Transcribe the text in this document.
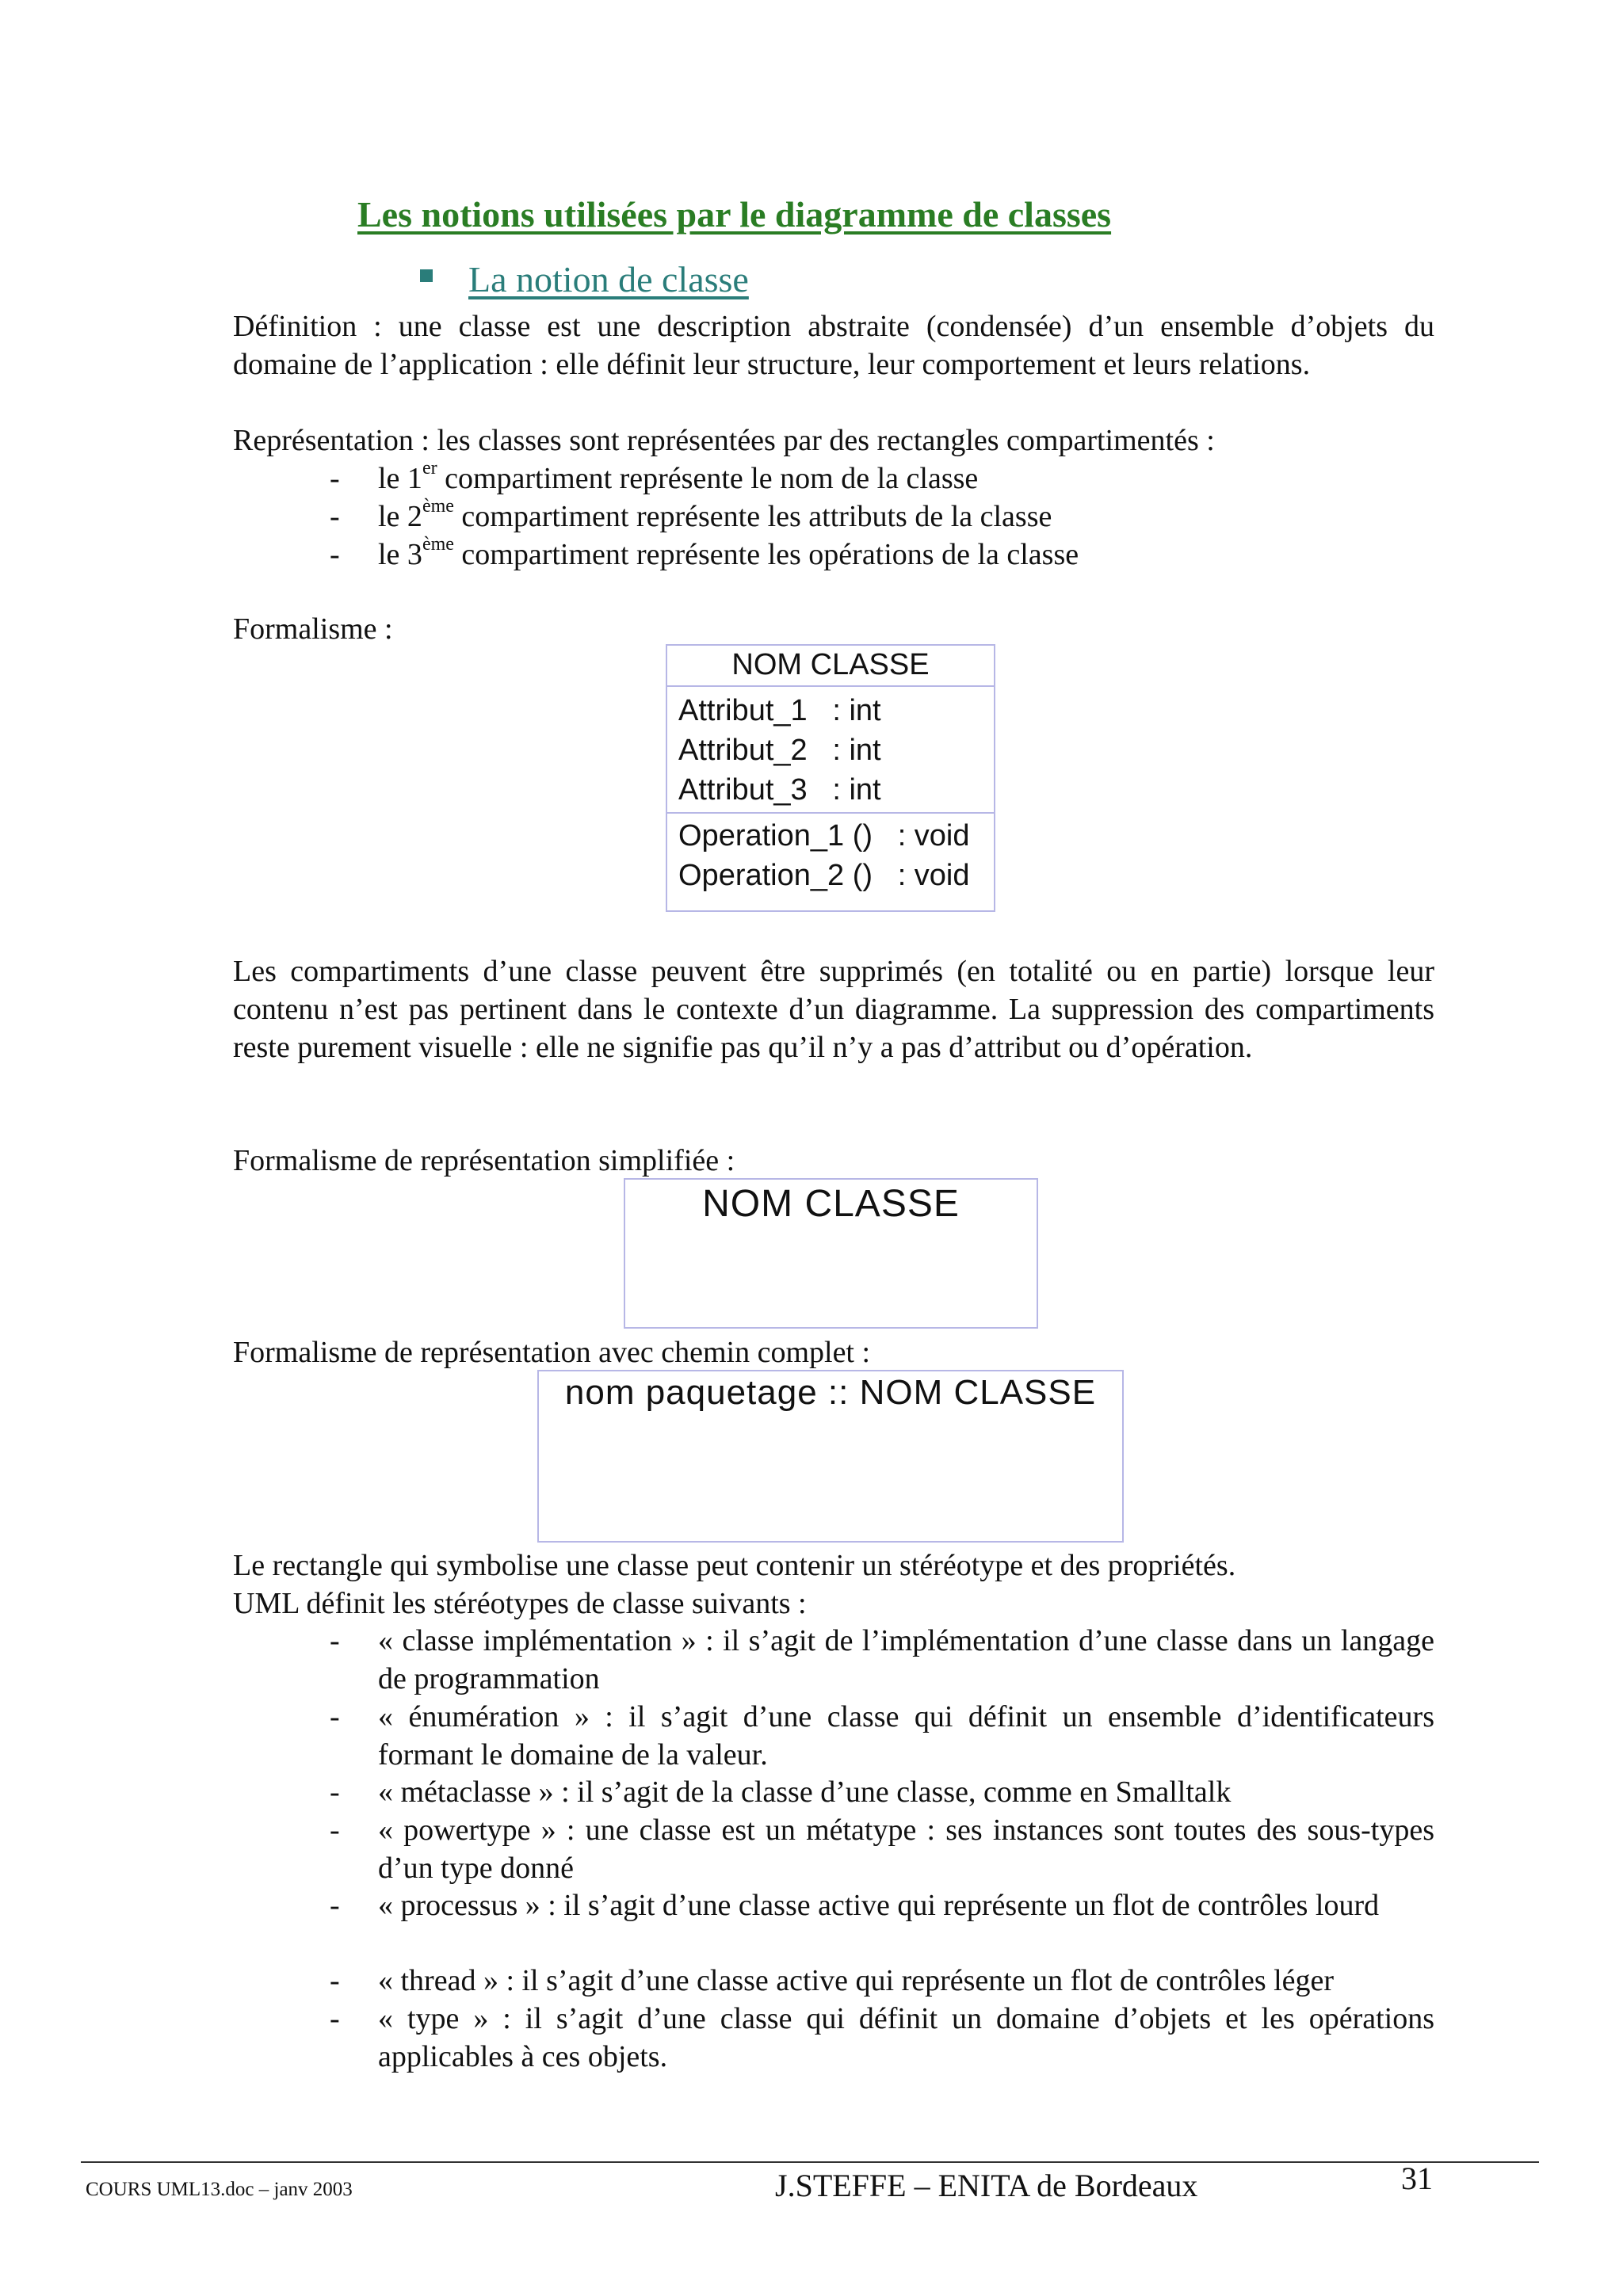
Les notions utilisées par le diagramme de classes
La notion de classe
Définition : une classe est une description abstraite (condensée) d’un ensemble d’objets du domaine de l’application : elle définit leur structure, leur comportement et leurs relations.
Représentation : les classes sont représentées par des rectangles compartimentés :
- le 1er compartiment représente le nom de la classe
- le 2ème compartiment représente les attributs de la classe
- le 3ème compartiment représente les opérations de la classe
Formalisme :
NOM CLASSE
Attribut_1   : int
Attribut_2   : int
Attribut_3   : int
Operation_1 ()   : void
Operation_2 ()   : void
Les compartiments d’une classe peuvent être supprimés (en totalité ou en partie) lorsque leur contenu n’est pas pertinent dans le contexte d’un diagramme. La suppression des compartiments reste purement visuelle : elle ne signifie pas qu’il n’y a pas d’attribut ou d’opération.
Formalisme de représentation simplifiée :
NOM CLASSE
Formalisme de représentation avec chemin complet :
nom paquetage :: NOM CLASSE
Le rectangle qui symbolise une classe peut contenir un stéréotype et des propriétés.
UML définit les stéréotypes de classe suivants :
- « classe implémentation » : il s’agit de l’implémentation d’une classe dans un langage de programmation
- « énumération » : il s’agit d’une classe qui définit un ensemble d’identificateurs formant le domaine de la valeur.
- « métaclasse » : il s’agit de la classe d’une classe, comme en Smalltalk
- « powertype » : une classe est un métatype : ses instances sont toutes des sous-types d’un type donné
- « processus » : il s’agit d’une classe active qui représente un flot de contrôles lourd
- « thread » : il s’agit d’une classe active qui représente un flot de contrôles léger
- « type » : il s’agit d’une classe qui définit un domaine d’objets et les opérations applicables à ces objets.
COURS UML13.doc – janv 2003	J.STEFFE – ENITA de Bordeaux	31
